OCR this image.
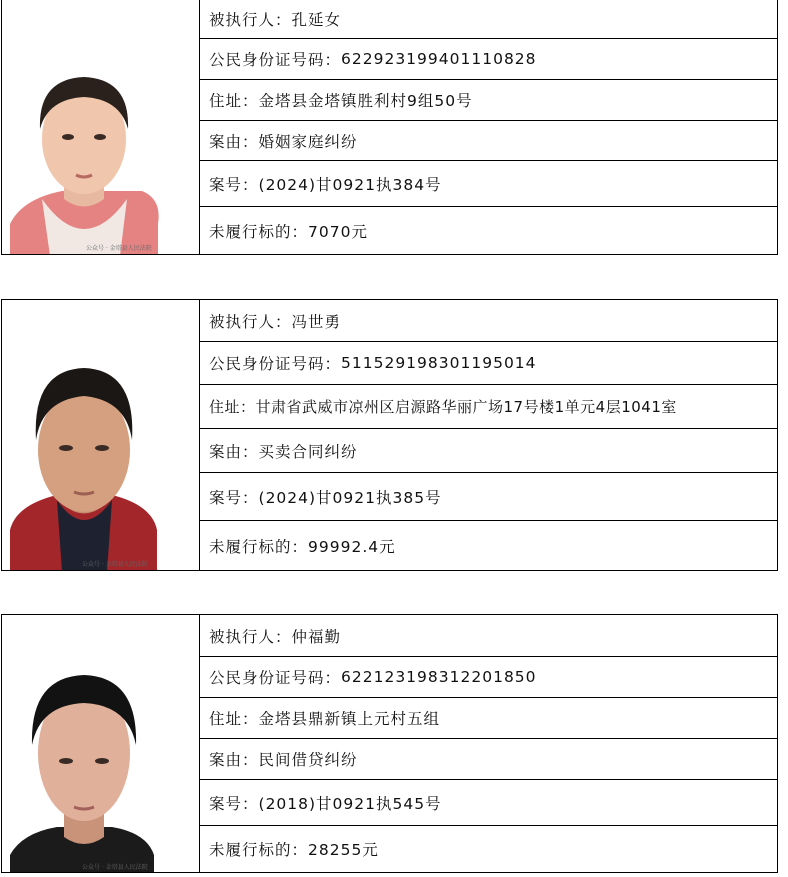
公众号 · 金塔县人民法院
被执行人： 孔延女
公民身份证号码： 622923199401110828
住址： 金塔县金塔镇胜利村9组50号
案由： 婚姻家庭纠纷
案号： (2024)甘0921执384号
未履行标的： 7070元
公众号 · 金塔县人民法院
被执行人： 冯世勇
公民身份证号码： 511529198301195014
住址： 甘肃省武威市凉州区启源路华丽广场17号楼1单元4层1041室
案由： 买卖合同纠纷
案号： (2024)甘0921执385号
未履行标的： 99992.4元
公众号 · 金塔县人民法院
被执行人： 仲福勤
公民身份证号码： 622123198312201850
住址： 金塔县鼎新镇上元村五组
案由： 民间借贷纠纷
案号： (2018)甘0921执545号
未履行标的： 28255元
